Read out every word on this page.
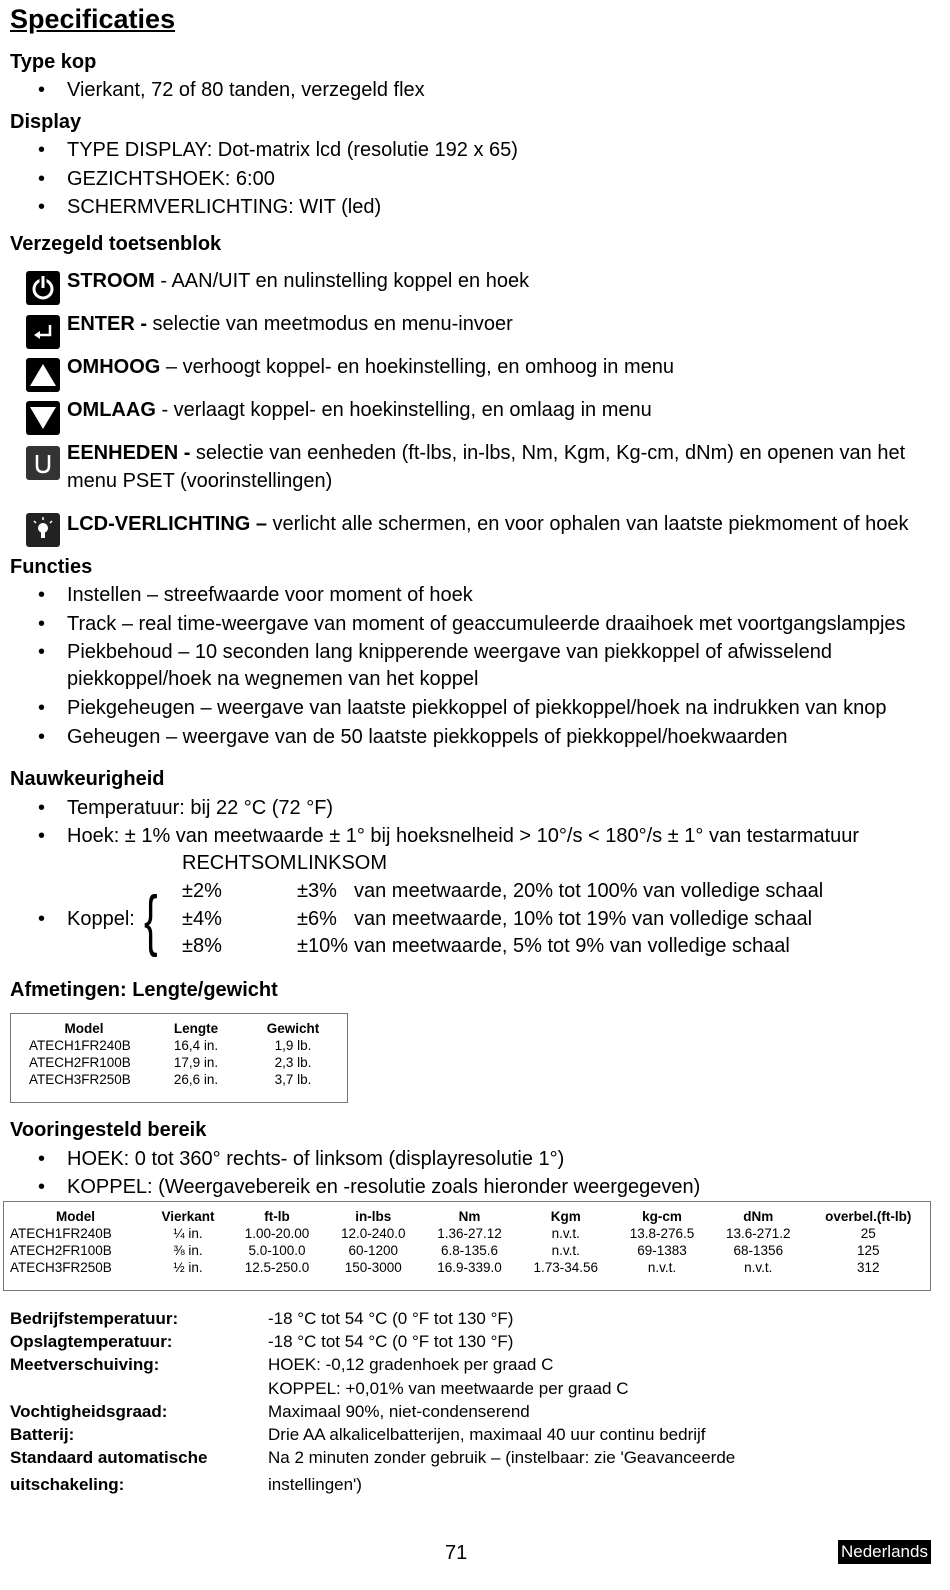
Specificaties
Type kop
• Vierkant, 72 of 80 tanden, verzegeld flex
Display
• TYPE DISPLAY: Dot-matrix lcd (resolutie 192 x 65)
• GEZICHTSHOEK: 6:00
• SCHERMVERLICHTING: WIT (led)
Verzegeld toetsenblok
STROOM - AAN/UIT en nulinstelling koppel en hoek
ENTER - selectie van meetmodus en menu-invoer
OMHOOG – verhoogt koppel- en hoekinstelling, en omhoog in menu
OMLAAG - verlaagt koppel- en hoekinstelling, en omlaag in menu
EENHEDEN - selectie van eenheden (ft-lbs, in-lbs, Nm, Kgm, Kg-cm, dNm) en openen van het
menu PSET (voorinstellingen)
LCD-VERLICHTING – verlicht alle schermen, en voor ophalen van laatste piekmoment of hoek
Functies
• Instellen – streefwaarde voor moment of hoek
• Track – real time-weergave van moment of geaccumuleerde draaihoek met voortgangslampjes
• Piekbehoud – 10 seconden lang knipperende weergave van piekkoppel of afwisselend
piekkoppel/hoek na wegnemen van het koppel
• Piekgeheugen – weergave van laatste piekkoppel of piekkoppel/hoek na indrukken van knop
• Geheugen – weergave van de 50 laatste piekkoppels of piekkoppel/hoekwaarden
Nauwkeurigheid
• Temperatuur: bij 22 °C (72 °F)
• Hoek: ± 1% van meetwaarde ± 1° bij hoeksnelheid > 10°/s < 180°/s ± 1° van testarmatuur
RECHTSOM LINKSOM
• Koppel: { ±2%	±3% van meetwaarde, 20% tot 100% van volledige schaal
±4%	±6% van meetwaarde, 10% tot 19% van volledige schaal
±8%	±10% van meetwaarde, 5% tot 9% van volledige schaal
Afmetingen: Lengte/gewicht
Model	Lengte	Gewicht
ATECH1FR240B	16,4 in.	1,9 lb.
ATECH2FR100B	17,9 in.	2,3 lb.
ATECH3FR250B	26,6 in.	3,7 lb.
Vooringesteld bereik
• HOEK: 0 tot 360° rechts- of linksom (displayresolutie 1°)
• KOPPEL: (Weergavebereik en -resolutie zoals hieronder weergegeven)
Model	Vierkant	ft-lb	in-lbs	Nm	Kgm	kg-cm	dNm	overbel.(ft-lb)
ATECH1FR240B	¼ in.	1.00-20.00	12.0-240.0	1.36-27.12	n.v.t.	13.8-276.5	13.6-271.2	25
ATECH2FR100B	⅜ in.	5.0-100.0	60-1200	6.8-135.6	n.v.t.	69-1383	68-1356	125
ATECH3FR250B	½ in.	12.5-250.0	150-3000	16.9-339.0	1.73-34.56	n.v.t.	n.v.t.	312
Bedrijfstemperatuur:	-18 °C tot 54 °C (0 °F tot 130 °F)
Opslagtemperatuur:	-18 °C tot 54 °C (0 °F tot 130 °F)
Meetverschuiving:	HOEK: -0,12 gradenhoek per graad C
KOPPEL: +0,01% van meetwaarde per graad C
Vochtigheidsgraad:	Maximaal 90%, niet-condenserend
Batterij:	Drie AA alkalicelbatterijen, maximaal 40 uur continu bedrijf
Standaard automatische	Na 2 minuten zonder gebruik – (instelbaar: zie 'Geavanceerde
uitschakeling:	instellingen')
71	Nederlands
